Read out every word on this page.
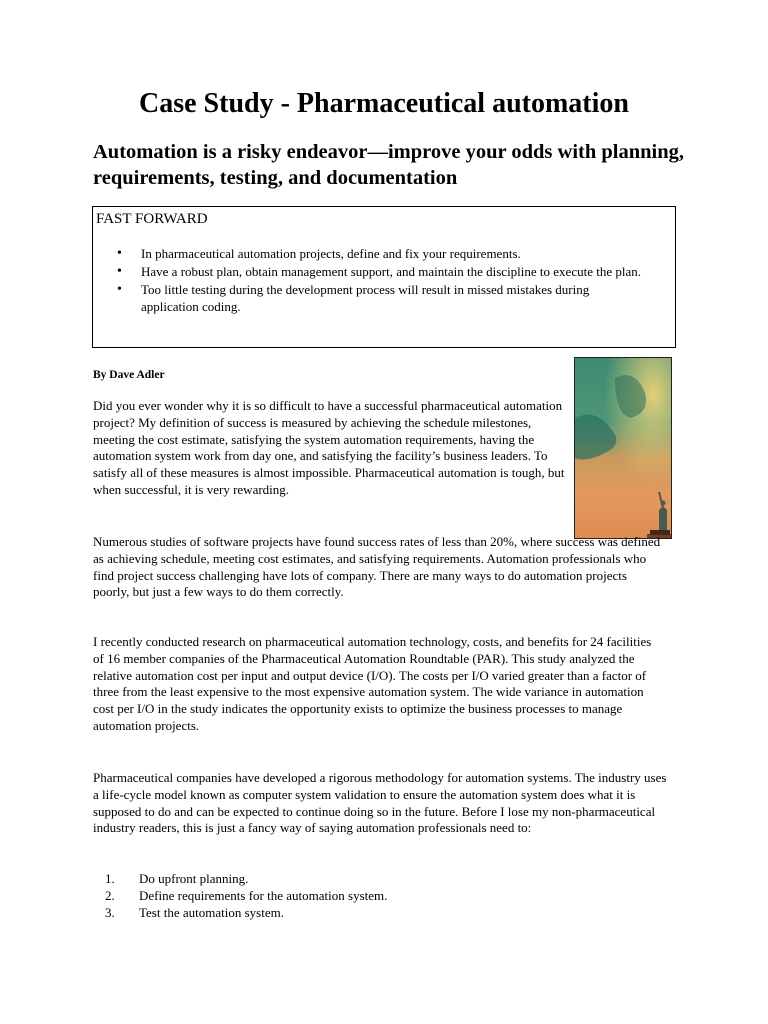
Case Study - Pharmaceutical automation
Automation is a risky endeavor—improve your odds with planning, requirements, testing, and documentation
FAST FORWARD
• In pharmaceutical automation projects, define and fix your requirements.
• Have a robust plan, obtain management support, and maintain the discipline to execute the plan.
• Too little testing during the development process will result in missed mistakes during application coding.
By Dave Adler

Did you ever wonder why it is so difficult to have a successful pharmaceutical automation project? My definition of success is measured by achieving the schedule milestones, meeting the cost estimate, satisfying the system automation requirements, having the automation system work from day one, and satisfying the facility’s business leaders. To satisfy all of these measures is almost impossible. Pharmaceutical automation is tough, but when successful, it is very rewarding.

Numerous studies of software projects have found success rates of less than 20%, where success was defined as achieving schedule, meeting cost estimates, and satisfying requirements. Automation professionals who find project success challenging have lots of company. There are many ways to do automation projects poorly, but just a few ways to do them correctly.

I recently conducted research on pharmaceutical automation technology, costs, and benefits for 24 facilities of 16 member companies of the Pharmaceutical Automation Roundtable (PAR). This study analyzed the relative automation cost per input and output device (I/O). The costs per I/O varied greater than a factor of three from the least expensive to the most expensive automation system. The wide variance in automation cost per I/O in the study indicates the opportunity exists to optimize the business processes to manage automation projects.

Pharmaceutical companies have developed a rigorous methodology for automation systems. The industry uses a life-cycle model known as computer system validation to ensure the automation system does what it is supposed to do and can be expected to continue doing so in the future. Before I lose my non-pharmaceutical industry readers, this is just a fancy way of saying automation professionals need to:

1. Do upfront planning.
2. Define requirements for the automation system.
3. Test the automation system.
